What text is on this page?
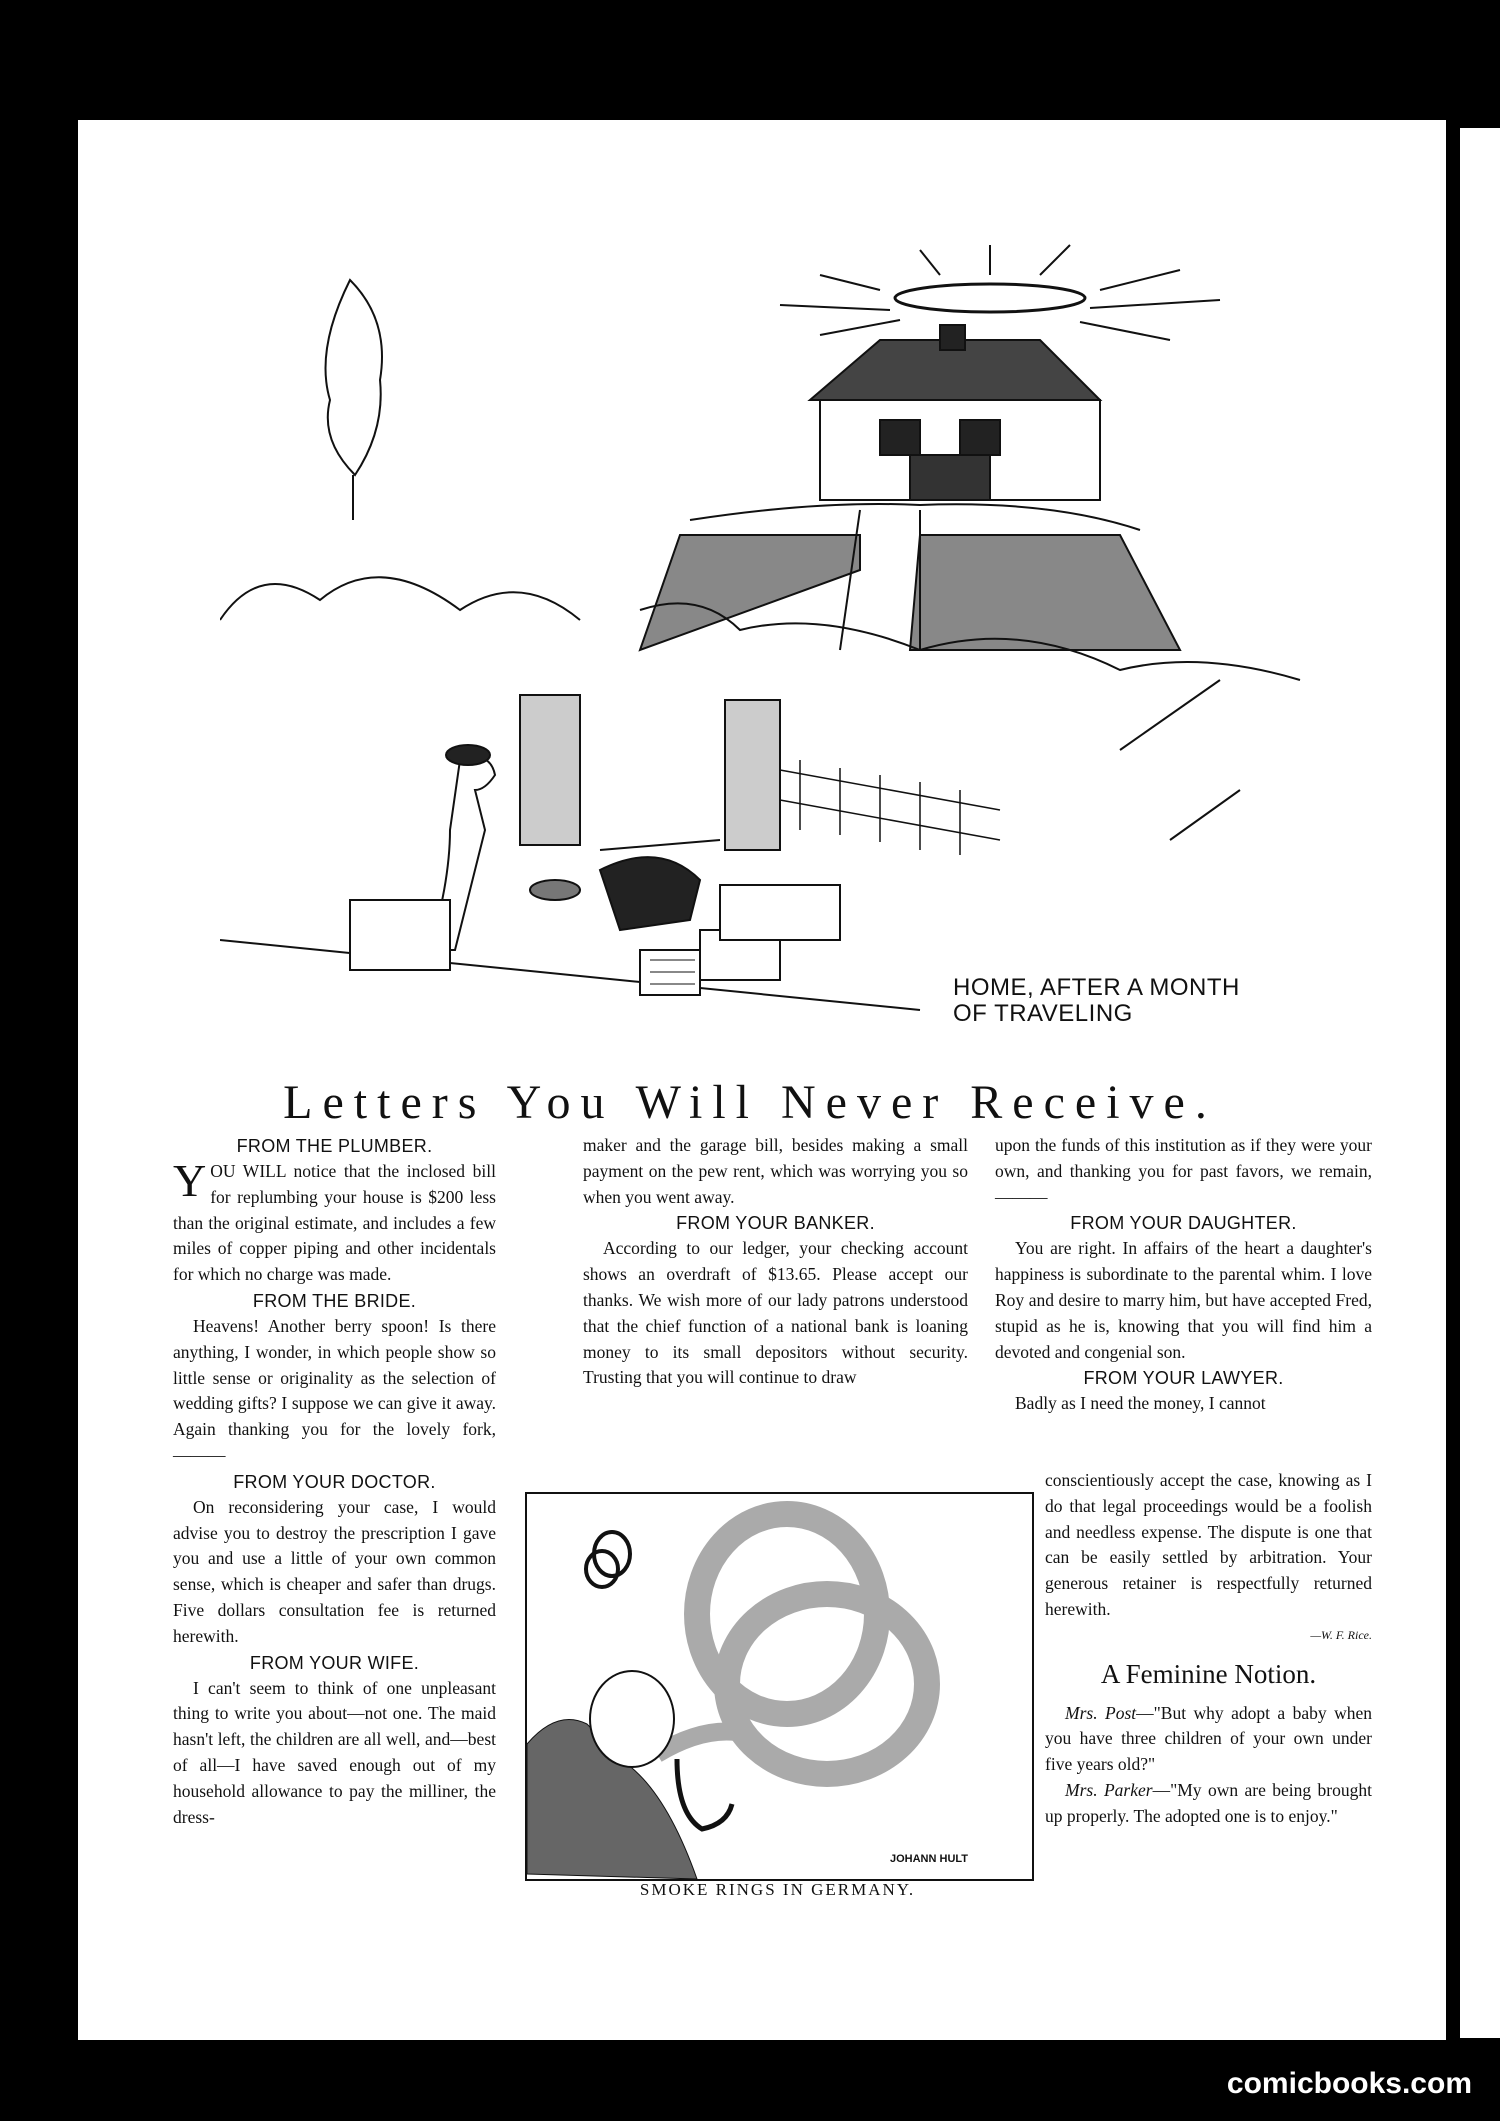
HOME, AFTER A MONTH
OF TRAVELING
Letters You Will Never Receive.
FROM THE PLUMBER.

YOU WILL notice that the inclosed bill for replumbing your house is $200 less than the original estimate, and includes a few miles of copper piping and other incidentals for which no charge was made.

FROM THE BRIDE.

Heavens! Another berry spoon! Is there anything, I wonder, in which people show so little sense or originality as the selection of wedding gifts? I suppose we can give it away. Again thanking you for the lovely fork, ———

FROM YOUR DOCTOR.

On reconsidering your case, I would advise you to destroy the prescription I gave you and use a little of your own common sense, which is cheaper and safer than drugs. Five dollars consultation fee is returned herewith.

FROM YOUR WIFE.

I can't seem to think of one unpleasant thing to write you about—not one. The maid hasn't left, the children are all well, and—best of all—I have saved enough out of my household allowance to pay the milliner, the dress-

maker and the garage bill, besides making a small payment on the pew rent, which was worrying you so when you went away.

FROM YOUR BANKER.

According to our ledger, your checking account shows an overdraft of $13.65. Please accept our thanks. We wish more of our lady patrons understood that the chief function of a national bank is loaning money to its small depositors without security. Trusting that you will continue to draw

upon the funds of this institution as if they were your own, and thanking you for past favors, we remain, ———

FROM YOUR DAUGHTER.

You are right. In affairs of the heart a daughter's happiness is subordinate to the parental whim. I love Roy and desire to marry him, but have accepted Fred, stupid as he is, knowing that you will find him a devoted and congenial son.

FROM YOUR LAWYER.

Badly as I need the money, I cannot

conscientiously accept the case, knowing as I do that legal proceedings would be a foolish and needless expense. The dispute is one that can be easily settled by arbitration. Your generous retainer is respectfully returned herewith.

—W. F. Rice.
A Feminine Notion.

Mrs. Post—"But why adopt a baby when you have three children of your own under five years old?"

Mrs. Parker—"My own are being brought up properly. The adopted one is to enjoy."

JOHANN HULT
SMOKE RINGS IN GERMANY.
comicbooks.com
